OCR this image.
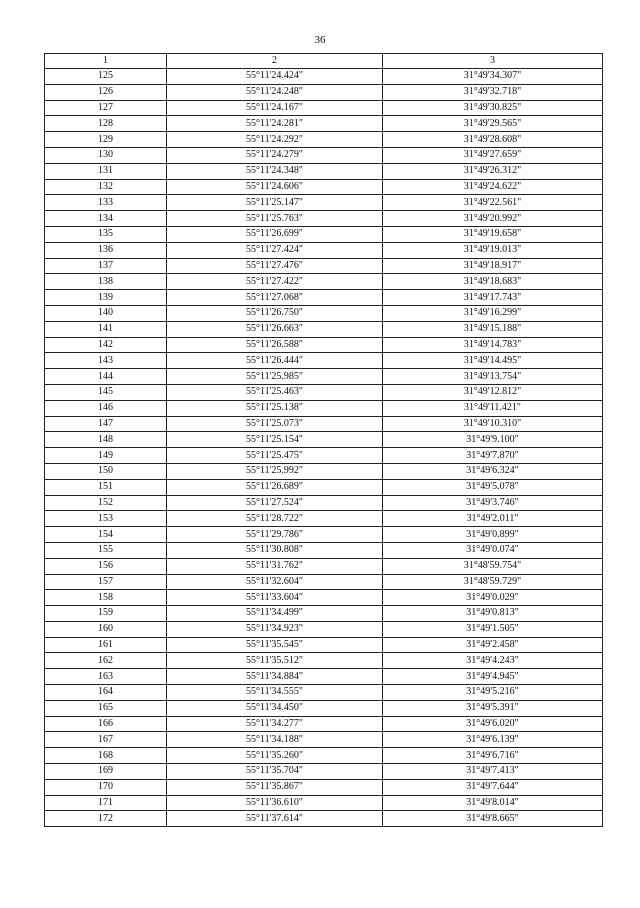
36
1	2	3
125	55°11'24.424"	31°49'34.307"
126	55°11'24.248"	31°49'32.718"
127	55°11'24.167"	31°49'30.825"
128	55°11'24.281"	31°49'29.565"
129	55°11'24.292"	31°49'28.608"
130	55°11'24.279"	31°49'27.659"
131	55°11'24.348"	31°49'26.312"
132	55°11'24.606"	31°49'24.622"
133	55°11'25.147"	31°49'22.561"
134	55°11'25.763"	31°49'20.992"
135	55°11'26.699"	31°49'19.658"
136	55°11'27.424"	31°49'19.013"
137	55°11'27.476"	31°49'18.917"
138	55°11'27.422"	31°49'18.683"
139	55°11'27.068"	31°49'17.743"
140	55°11'26.750"	31°49'16.299"
141	55°11'26.663"	31°49'15.188"
142	55°11'26.588"	31°49'14.783"
143	55°11'26.444"	31°49'14.495"
144	55°11'25.985"	31°49'13.754"
145	55°11'25.463"	31°49'12.812"
146	55°11'25.138"	31°49'11.421"
147	55°11'25.073"	31°49'10.310"
148	55°11'25.154"	31°49'9.100"
149	55°11'25.475"	31°49'7.870"
150	55°11'25.992"	31°49'6.324"
151	55°11'26.689"	31°49'5.078"
152	55°11'27.524"	31°49'3.746"
153	55°11'28.722"	31°49'2.011"
154	55°11'29.786"	31°49'0.899"
155	55°11'30.808"	31°49'0.074"
156	55°11'31.762"	31°48'59.754"
157	55°11'32.604"	31°48'59.729"
158	55°11'33.604"	31°49'0.029"
159	55°11'34.499"	31°49'0.813"
160	55°11'34.923"	31°49'1.505"
161	55°11'35.545"	31°49'2.458"
162	55°11'35.512"	31°49'4.243"
163	55°11'34.884"	31°49'4.945"
164	55°11'34.555"	31°49'5.216"
165	55°11'34.450"	31°49'5.391"
166	55°11'34.277"	31°49'6.020"
167	55°11'34.188"	31°49'6.139"
168	55°11'35.260"	31°49'6.716"
169	55°11'35.704"	31°49'7.413"
170	55°11'35.867"	31°49'7.644"
171	55°11'36.610"	31°49'8.014"
172	55°11'37.614"	31°49'8.665"
